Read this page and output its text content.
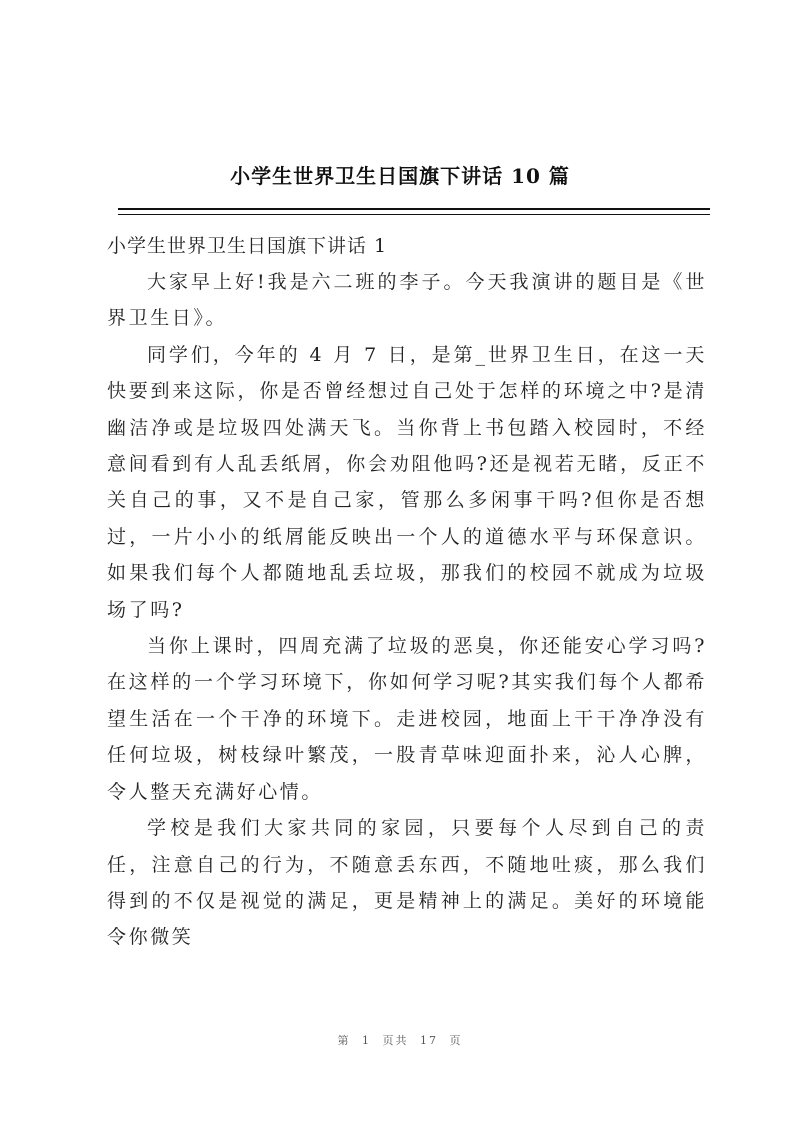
小学生世界卫生日国旗下讲话 10 篇

小学生世界卫生日国旗下讲话 1

大家早上好!我是六二班的李子。今天我演讲的题目是《世界卫生日》。

同学们，今年的 4 月 7 日，是第_世界卫生日，在这一天快要到来这际，你是否曾经想过自己处于怎样的环境之中?是清幽洁净或是垃圾四处满天飞。当你背上书包踏入校园时，不经意间看到有人乱丢纸屑，你会劝阻他吗?还是视若无睹，反正不关自己的事，又不是自己家，管那么多闲事干吗?但你是否想过，一片小小的纸屑能反映出一个人的道德水平与环保意识。如果我们每个人都随地乱丢垃圾，那我们的校园不就成为垃圾场了吗?

当你上课时，四周充满了垃圾的恶臭，你还能安心学习吗?在这样的一个学习环境下，你如何学习呢?其实我们每个人都希望生活在一个干净的环境下。走进校园，地面上干干净净没有任何垃圾，树枝绿叶繁茂，一股青草味迎面扑来，沁人心脾，令人整天充满好心情。

学校是我们大家共同的家园，只要每个人尽到自己的责任，注意自己的行为，不随意丢东西，不随地吐痰，那么我们得到的不仅是视觉的满足，更是精神上的满足。美好的环境能令你微笑

第 1 页共 17 页
